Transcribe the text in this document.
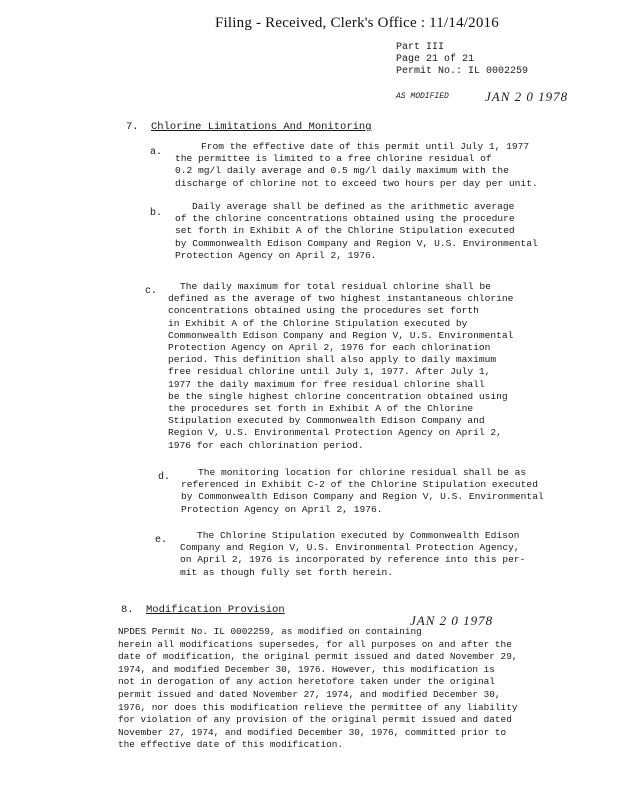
Filing - Received, Clerk's Office : 11/14/2016
Part III
Page 21 of 21
Permit No.: IL 0002259
AS MODIFIED	JAN 2 0 1978
7. Chlorine Limitations And Monitoring
a.
From the effective date of this permit until July 1, 1977
the permittee is limited to a free chlorine residual of
0.2 mg/l daily average and 0.5 mg/l daily maximum with the
discharge of chlorine not to exceed two hours per day per unit.
b.
Daily average shall be defined as the arithmetic average
of the chlorine concentrations obtained using the procedure
set forth in Exhibit A of the Chlorine Stipulation executed
by Commonwealth Edison Company and Region V, U.S. Environmental
Protection Agency on April 2, 1976.
c.	The daily maximum for total residual chlorine shall be
defined as the average of two highest instantaneous chlorine
concentrations obtained using the procedures set forth
in Exhibit A of the Chlorine Stipulation executed by
Commonwealth Edison Company and Region V, U.S. Environmental
Protection Agency on April 2, 1976 for each chlorination
period. This definition shall also apply to daily maximum
free residual chlorine until July 1, 1977. After July 1,
1977 the daily maximum for free residual chlorine shall
be the single highest chlorine concentration obtained using
the procedures set forth in Exhibit A of the Chlorine
Stipulation executed by Commonwealth Edison Company and
Region V, U.S. Environmental Protection Agency on April 2,
1976 for each chlorination period.
d.	The monitoring location for chlorine residual shall be as
referenced in Exhibit C-2 of the Chlorine Stipulation executed
by Commonwealth Edison Company and Region V, U.S. Environmental
Protection Agency on April 2, 1976.
e.	The Chlorine Stipulation executed by Commonwealth Edison
Company and Region V, U.S. Environmental Protection Agency,
on April 2, 1976 is incorporated by reference into this per-
mit as though fully set forth herein.
8. Modification Provision
JAN 2 0 1978
NPDES Permit No. IL 0002259, as modified on containing
herein all modifications supersedes, for all purposes on and after the
date of modification, the original permit issued and dated November 29,
1974, and modified December 30, 1976. However, this modification is
not in derogation of any action heretofore taken under the original
permit issued and dated November 27, 1974, and modified December 30,
1976, nor does this modification relieve the permittee of any liability
for violation of any provision of the original permit issued and dated
November 27, 1974, and modified December 30, 1976, committed prior to
the effective date of this modification.
